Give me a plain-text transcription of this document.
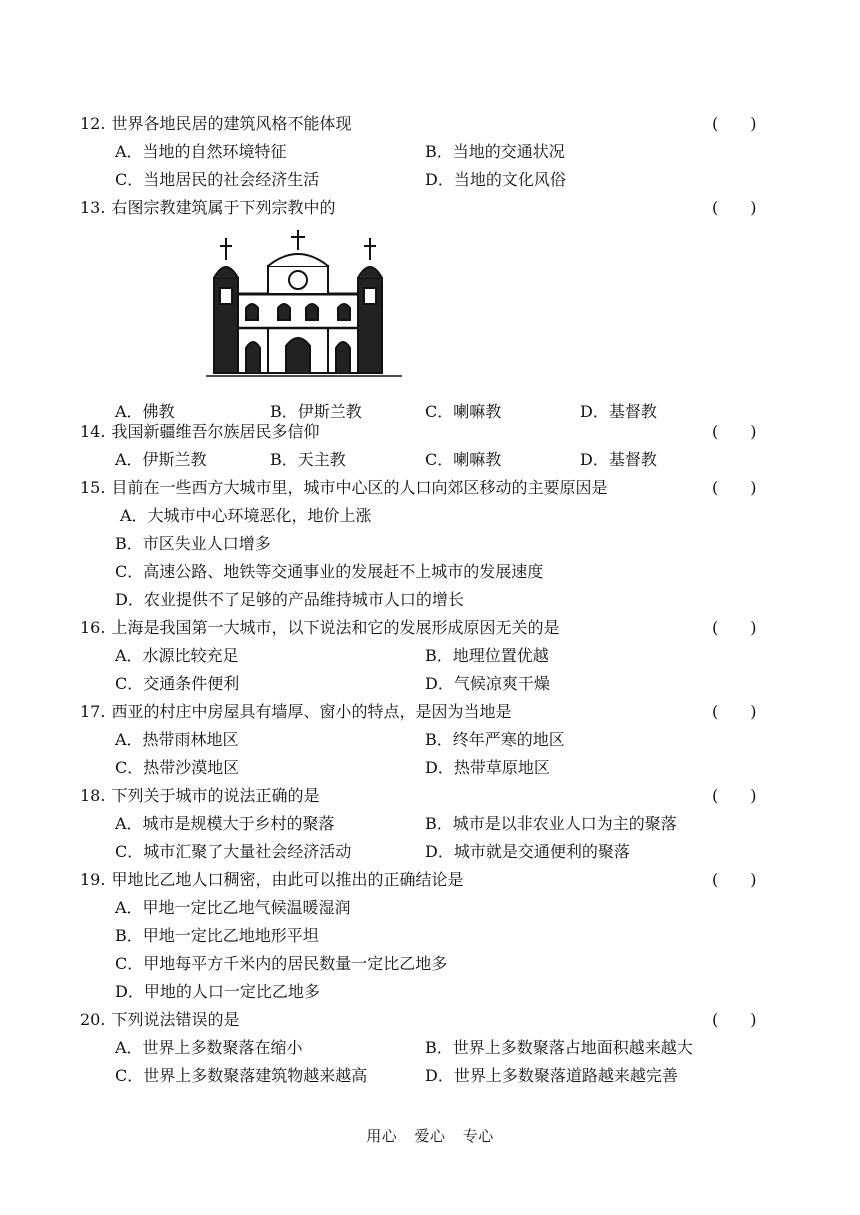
12. 世界各地民居的建筑风格不能体现	(　　)
A．当地的自然环境特征	B．当地的交通状况
C．当地居民的社会经济生活	D．当地的文化风俗
13. 右图宗教建筑属于下列宗教中的	(　　)
A．佛教	B．伊斯兰教	C．喇嘛教	D．基督教
14. 我国新疆维吾尔族居民多信仰	(　　)
A．伊斯兰教	B．天主教	C．喇嘛教	D．基督教
15. 目前在一些西方大城市里，城市中心区的人口向郊区移动的主要原因是	(　　)
A．大城市中心环境恶化，地价上涨
B．市区失业人口增多
C．高速公路、地铁等交通事业的发展赶不上城市的发展速度
D．农业提供不了足够的产品维持城市人口的增长
16. 上海是我国第一大城市，以下说法和它的发展形成原因无关的是	(　　)
A．水源比较充足	B．地理位置优越
C．交通条件便利	D．气候凉爽干燥
17. 西亚的村庄中房屋具有墙厚、窗小的特点，是因为当地是	(　　)
A．热带雨林地区	B．终年严寒的地区
C．热带沙漠地区	D．热带草原地区
18. 下列关于城市的说法正确的是	(　　)
A．城市是规模大于乡村的聚落	B．城市是以非农业人口为主的聚落
C．城市汇聚了大量社会经济活动	D．城市就是交通便利的聚落
19. 甲地比乙地人口稠密，由此可以推出的正确结论是	(　　)
A．甲地一定比乙地气候温暖湿润
B．甲地一定比乙地地形平坦
C．甲地每平方千米内的居民数量一定比乙地多
D．甲地的人口一定比乙地多
20. 下列说法错误的是	(　　)
A．世界上多数聚落在缩小	B．世界上多数聚落占地面积越来越大
C．世界上多数聚落建筑物越来越高	D．世界上多数聚落道路越来越完善
用心 爱心 专心
